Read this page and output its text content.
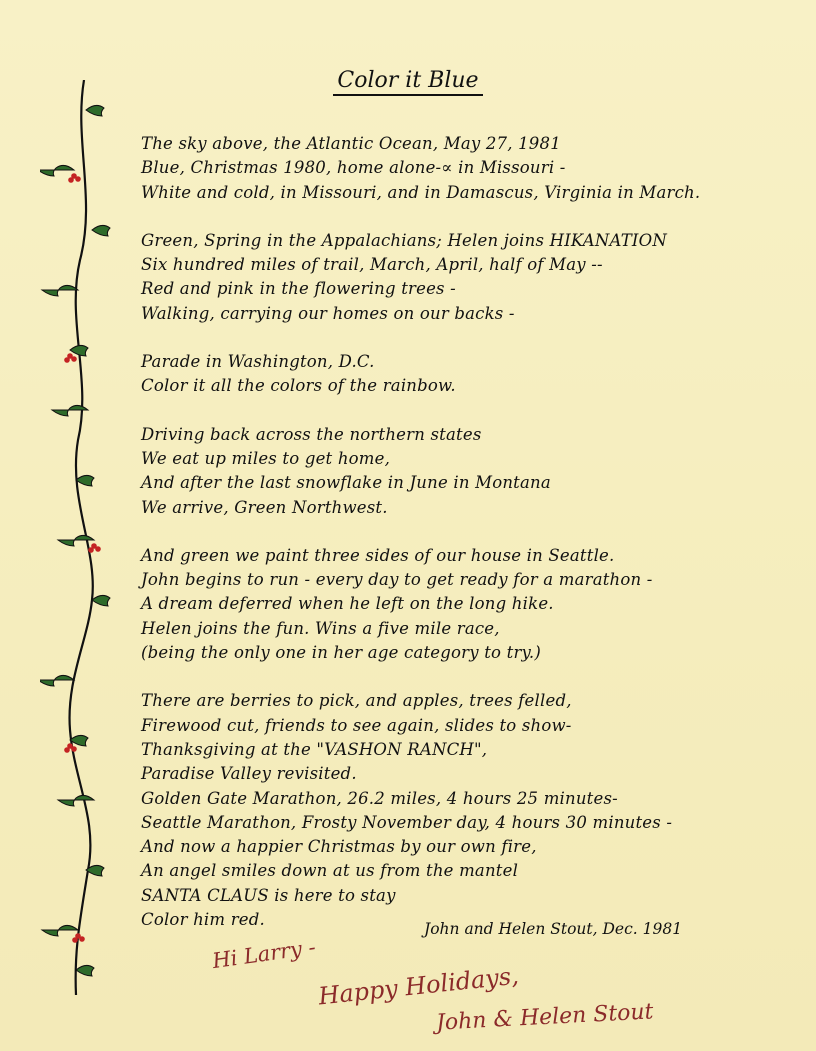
Color it Blue
The sky above, the Atlantic Ocean, May 27, 1981
Blue, Christmas 1980, home alone-∝ in Missouri -
White and cold, in Missouri, and in Damascus, Virginia in March.
Green, Spring in the Appalachians; Helen joins HIKANATION
Six hundred miles of trail, March, April, half of May --
Red and pink in the flowering trees -
Walking, carrying our homes on our backs -
Parade in Washington, D.C.
Color it all the colors of the rainbow.
Driving back across the northern states
We eat up miles to get home,
And after the last snowflake in June in Montana
We arrive, Green Northwest.
And green we paint three sides of our house in Seattle.
John begins to run - every day to get ready for a marathon -
A dream deferred when he left on the long hike.
Helen joins the fun. Wins a five mile race,
(being the only one in her age category to try.)
There are berries to pick, and apples, trees felled,
Firewood cut, friends to see again, slides to show-
Thanksgiving at the "VASHON RANCH",
Paradise Valley revisited.
Golden Gate Marathon, 26.2 miles, 4 hours 25 minutes-
Seattle Marathon, Frosty November day, 4 hours 30 minutes -
And now a happier Christmas by our own fire,
An angel smiles down at us from the mantel
SANTA CLAUS is here to stay
Color him red.	John and Helen Stout, Dec. 1981
Hi Larry -
Happy Holidays,
John & Helen Stout
